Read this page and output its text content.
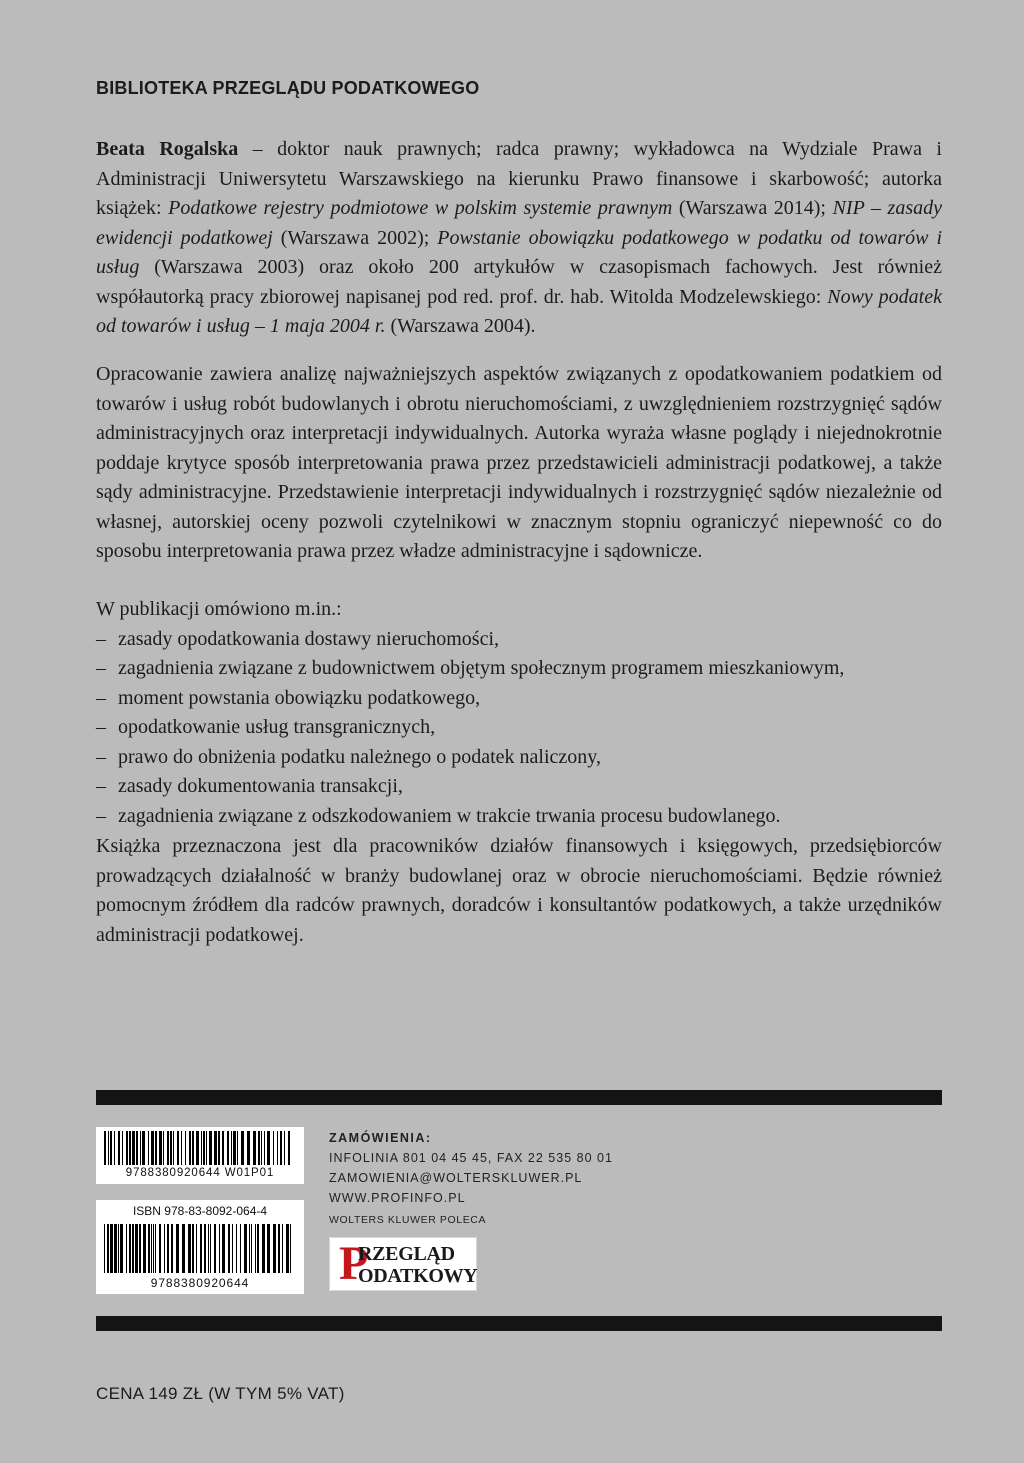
BIBLIOTEKA PRZEGLĄDU PODATKOWEGO

Beata Rogalska – doktor nauk prawnych; radca prawny; wykładowca na Wydziale Prawa i Administracji Uniwersytetu Warszawskiego na kierunku Prawo finansowe i skarbowość; autorka książek: Podatkowe rejestry podmiotowe w polskim systemie prawnym (Warszawa 2014); NIP – zasady ewidencji podatkowej (Warszawa 2002); Powstanie obowiązku podatkowego w podatku od towarów i usług (Warszawa 2003) oraz około 200 artykułów w czasopismach fachowych. Jest również współautorką pracy zbiorowej napisanej pod red. prof. dr. hab. Witolda Modzelewskiego: Nowy podatek od towarów i usług – 1 maja 2004 r. (Warszawa 2004).

Opracowanie zawiera analizę najważniejszych aspektów związanych z opodatkowaniem podatkiem od towarów i usług robót budowlanych i obrotu nieruchomościami, z uwzględnieniem rozstrzygnięć sądów administracyjnych oraz interpretacji indywidualnych. Autorka wyraża własne poglądy i niejednokrotnie poddaje krytyce sposób interpretowania prawa przez przedstawicieli administracji podatkowej, a także sądy administracyjne. Przedstawienie interpretacji indywidualnych i rozstrzygnięć sądów niezależnie od własnej, autorskiej oceny pozwoli czytelnikowi w znacznym stopniu ograniczyć niepewność co do sposobu interpretowania prawa przez władze administracyjne i sądownicze.

W publikacji omówiono m.in.:

– zasady opodatkowania dostawy nieruchomości,
– zagadnienia związane z budownictwem objętym społecznym programem mieszkaniowym,
– moment powstania obowiązku podatkowego,
– opodatkowanie usług transgranicznych,
– prawo do obniżenia podatku należnego o podatek naliczony,
– zasady dokumentowania transakcji,
– zagadnienia związane z odszkodowaniem w trakcie trwania procesu budowlanego.

Książka przeznaczona jest dla pracowników działów finansowych i księgowych, przedsiębiorców prowadzących działalność w branży budowlanej oraz w obrocie nieruchomościami. Będzie również pomocnym źródłem dla radców prawnych, doradców i konsultantów podatkowych, a także urzędników administracji podatkowej.

9788380920644 W01P01
ISBN 978-83-8092-064-4
9788380920644
ZAMÓWIENIA:
INFOLINIA 801 04 45 45, FAX 22 535 80 01
ZAMOWIENIA@WOLTERSKLUWER.PL
WWW.PROFINFO.PL
WOLTERS KLUWER POLECA
P
RZEGLĄD
ODATKOWY
CENA 149 ZŁ (W TYM 5% VAT)
